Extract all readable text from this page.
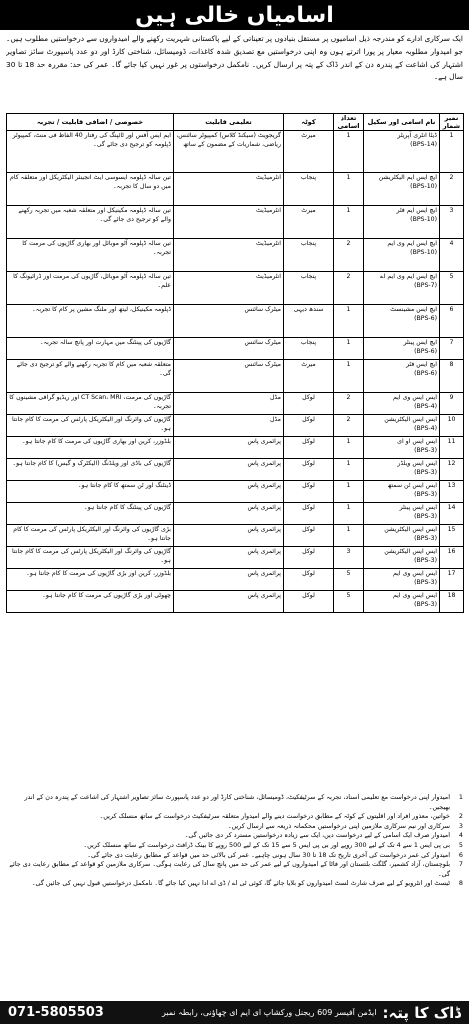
اسامیاں خالی ہیں
ایک سرکاری ادارے کو مندرجہ ذیل اسامیوں پر مستقل بنیادوں پر تعیناتی کے لیے پاکستانی شہریت رکھنے والے امیدواروں سے درخواستیں مطلوب ہیں۔ جو امیدوار مطلوبہ معیار پر پورا اترتے ہوں وہ اپنی درخواستیں مع تصدیق شدہ کاغذات، ڈومیسائل، شناختی کارڈ اور دو عدد پاسپورٹ سائز تصاویر اشتہار کی اشاعت کے پندرہ دن کے اندر ڈاک کے پتہ پر ارسال کریں۔ نامکمل درخواستوں پر غور نہیں کیا جائے گا۔ عمر کی حد: مقررہ حد 18 تا 30 سال ہے۔
نمبر شمار	نام اسامی اور سکیل	تعداد اسامی	کوٹہ	تعلیمی قابلیت	خصوصی / اضافی قابلیت / تجربہ
1	ڈیٹا انٹری آپریٹر
(BPS-14)	1	میرٹ	گریجویٹ (سیکنڈ کلاس) کمپیوٹر سائنس، ریاضی، شماریات کے مضمون کے ساتھ	ایم ایس آفس اور ٹائپنگ کی رفتار 40 الفاظ فی منٹ، کمپیوٹر ڈپلومہ کو ترجیح دی جائے گی۔
2	ایچ ایس ایم الیکٹریشن
(BPS-10)	1	پنجاب	انٹرمیڈیٹ	تین سالہ ڈپلومہ ایسوسی ایٹ انجینئر الیکٹریکل اور متعلقہ کام میں دو سال کا تجربہ۔
3	ایچ ایس ایم فٹر
(BPS-10)	1	میرٹ	انٹرمیڈیٹ	تین سالہ ڈپلومہ مکینیکل اور متعلقہ شعبہ میں تجربہ رکھنے والے کو ترجیح دی جائے گی۔
4	ایچ ایس ایم وی ایم
(BPS-10)	2	پنجاب	انٹرمیڈیٹ	تین سالہ ڈپلومہ آٹو موبائل اور بھاری گاڑیوں کی مرمت کا تجربہ۔
5	ایچ ایس ایم وی ایم اے
(BPS-7)	2	پنجاب	انٹرمیڈیٹ	تین سالہ ڈپلومہ آٹو موبائل، گاڑیوں کی مرمت اور ڈرائیونگ کا علم۔
6	ایچ ایس مشینسٹ
(BPS-6)	1	سندھ دیہی	میٹرک سائنس	ڈپلومہ مکینیکل، لیتھ اور ملنگ مشین پر کام کا تجربہ۔
7	ایچ ایس پینٹر
(BPS-6)	1	پنجاب	میٹرک سائنس	گاڑیوں کی پینٹنگ میں مہارت اور پانچ سالہ تجربہ۔
8	ایچ ایس فٹر
(BPS-6)	1	میرٹ	میٹرک سائنس	متعلقہ شعبہ میں کام کا تجربہ رکھنے والے کو ترجیح دی جائے گی۔
9	ایس ایس وی ایم
(BPS-4)	2	لوکل	مڈل	گاڑیوں کی مرمت، CT Scan، MRI اور ریڈیو گرافی مشینوں کا تجربہ۔
10	ایس ایس الیکٹریشن
(BPS-4)	2	لوکل	مڈل	گاڑیوں کی وائرنگ اور الیکٹریکل پارٹس کی مرمت کا کام جانتا ہو۔
11	ایس ایس او ای
(BPS-3)	1	لوکل	پرائمری پاس	بلڈوزر، کرین اور بھاری گاڑیوں کی مرمت کا کام جانتا ہو۔
12	ایس ایس ویلڈر
(BPS-3)	1	لوکل	پرائمری پاس	گاڑیوں کی باڈی اور ویلڈنگ (الیکٹرک و گیس) کا کام جانتا ہو۔
13	ایس ایس ٹن سمتھ
(BPS-3)	1	لوکل	پرائمری پاس	ڈینٹنگ اور ٹن سمتھ کا کام جانتا ہو۔
14	ایس ایس پینٹر
(BPS-3)	1	لوکل	پرائمری پاس	گاڑیوں کی پینٹنگ کا کام جانتا ہو۔
15	ایس ایس الیکٹریشن
(BPS-3)	1	لوکل	پرائمری پاس	بڑی گاڑیوں کی وائرنگ اور الیکٹریکل پارٹس کی مرمت کا کام جانتا ہو۔
16	ایس ایس الیکٹریشن
(BPS-3)	3	لوکل	پرائمری پاس	گاڑیوں کی وائرنگ اور الیکٹریکل پارٹس کی مرمت کا کام جانتا ہو۔
17	ایس ایس وی ایم
(BPS-3)	5	لوکل	پرائمری پاس	بلڈوزر، کرین اور بڑی گاڑیوں کی مرمت کا کام جانتا ہو۔
18	ایس ایس وی ایم
(BPS-3)	5	لوکل	پرائمری پاس	چھوٹی اور بڑی گاڑیوں کی مرمت کا کام جانتا ہو۔
1
امیدوار اپنی درخواست مع تعلیمی اسناد، تجربہ کے سرٹیفکیٹ، ڈومیسائل، شناختی کارڈ اور دو عدد پاسپورٹ سائز تصاویر اشتہار کی اشاعت کے پندرہ دن کے اندر بھیجیں۔
2
خواتین، معذور افراد اور اقلیتوں کے کوٹہ کے مطابق درخواست دینے والے امیدوار متعلقہ سرٹیفکیٹ درخواست کے ساتھ منسلک کریں۔
3
سرکاری اور نیم سرکاری ملازمین اپنی درخواستیں محکمانہ ذریعہ سے ارسال کریں۔
4
امیدوار صرف ایک اسامی کے لیے درخواست دیں، ایک سے زیادہ درخواستیں مسترد کر دی جائیں گی۔
5
بی پی ایس 1 سے 4 تک کے لیے 300 روپے اور بی پی ایس 5 سے 15 تک کے لیے 500 روپے کا بینک ڈرافٹ درخواست کے ساتھ منسلک کریں۔
6
امیدوار کی عمر درخواست کی آخری تاریخ تک 18 تا 30 سال ہونی چاہیے۔ عمر کی بالائی حد میں قواعد کے مطابق رعایت دی جائے گی۔
7
بلوچستان، آزاد کشمیر، گلگت بلتستان اور فاٹا کے امیدواروں کے لیے عمر کی حد میں پانچ سال کی رعایت ہوگی۔ سرکاری ملازمین کو قواعد کے مطابق رعایت دی جائے گی۔
8
ٹیسٹ اور انٹرویو کے لیے صرف شارٹ لسٹ امیدواروں کو بلایا جائے گا، کوئی ٹی اے / ڈی اے ادا نہیں کیا جائے گا۔ نامکمل درخواستیں قبول نہیں کی جائیں گی۔
ڈاک کا پتہ:
ایڈمن آفیسر 609 ریجنل ورکشاپ ای ایم ای چھاؤنی، رابطہ نمبر
071-5805503
